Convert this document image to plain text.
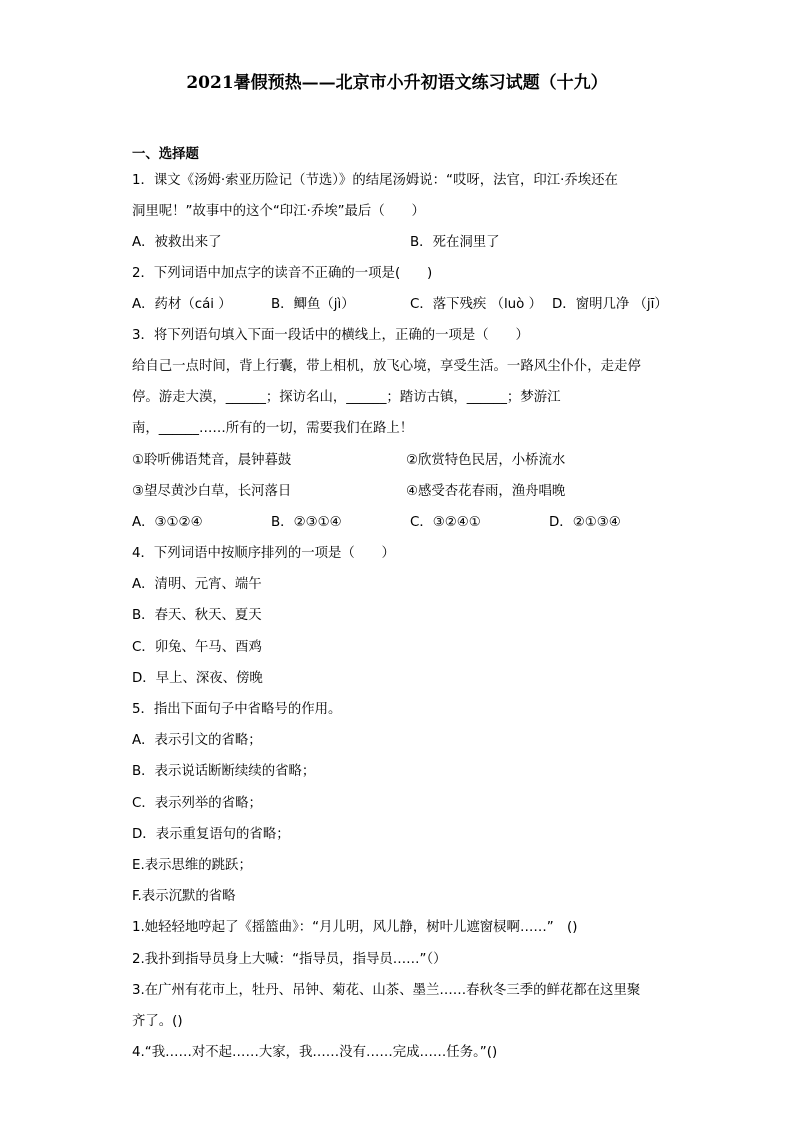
2021暑假预热——北京市小升初语文练习试题（十九）
一、选择题
1．课文《汤姆·索亚历险记（节选）》的结尾汤姆说：“哎呀，法官，印江·乔埃还在
洞里呢！”故事中的这个“印江·乔埃”最后（　　）
A．被救出来了	B．死在洞里了
2．下列词语中加点字的读音不正确的一项是(　　)
A．药材（cái ）	B．鲫鱼（jì）	C．落下残疾 （luò ） D．窗明几净 （jī）
3．将下列语句填入下面一段话中的横线上，正确的一项是（　　）
给自己一点时间，背上行囊，带上相机，放飞心境，享受生活。一路风尘仆仆，走走停
停。游走大漠，______；探访名山，______；踏访古镇，______；梦游江
南，______……所有的一切，需要我们在路上！
①聆听佛语梵音，晨钟暮鼓	②欣赏特色民居，小桥流水
③望尽黄沙白草，长河落日	④感受杏花春雨，渔舟唱晚
A．③①②④	B．②③①④	C．③②④①	D．②①③④
4．下列词语中按顺序排列的一项是（　　）
A．清明、元宵、端午
B．春天、秋天、夏天
C．卯兔、午马、酉鸡
D．早上、深夜、傍晚
5．指出下面句子中省略号的作用。
A．表示引文的省略；
B．表示说话断断续续的省略；
C．表示列举的省略；
D．表示重复语句的省略；
E.表示思维的跳跃；
F.表示沉默的省略
1.她轻轻地哼起了《摇篮曲》：“月儿明，风儿静，树叶儿遮窗棂啊……”　()
2.我扑到指导员身上大喊：“指导员，指导员……”（）
3.在广州有花市上，牡丹、吊钟、菊花、山茶、墨兰……春秋冬三季的鲜花都在这里聚
齐了。()
4.“我……对不起……大家，我……没有……完成……任务。”()
